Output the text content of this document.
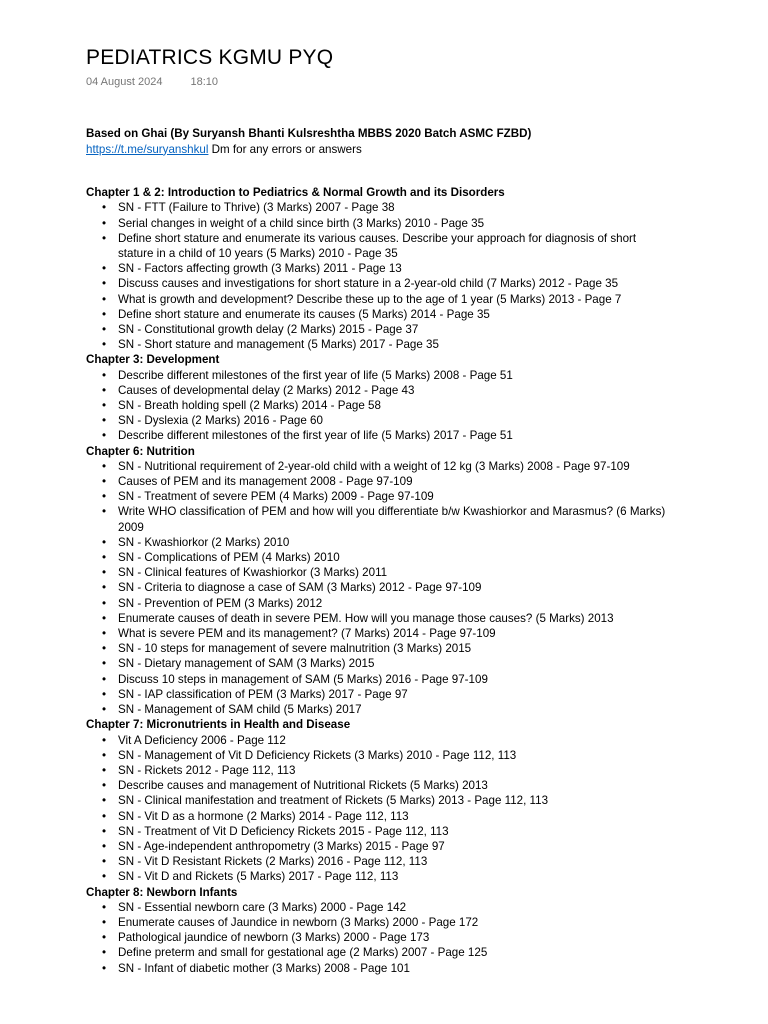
PEDIATRICS KGMU PYQ
04 August 2024	18:10
Based on Ghai (By Suryansh Bhanti Kulsreshtha MBBS 2020 Batch ASMC FZBD)
https://t.me/suryanshkul Dm for any errors or answers
Chapter 1 & 2: Introduction to Pediatrics & Normal Growth and its Disorders
• SN - FTT (Failure to Thrive) (3 Marks) 2007 - Page 38
• Serial changes in weight of a child since birth (3 Marks) 2010 - Page 35
• Define short stature and enumerate its various causes. Describe your approach for diagnosis of short stature in a child of 10 years (5 Marks) 2010 - Page 35
• SN - Factors affecting growth (3 Marks) 2011 - Page 13
• Discuss causes and investigations for short stature in a 2-year-old child (7 Marks) 2012 - Page 35
• What is growth and development? Describe these up to the age of 1 year (5 Marks) 2013 - Page 7
• Define short stature and enumerate its causes (5 Marks) 2014 - Page 35
• SN - Constitutional growth delay (2 Marks) 2015 - Page 37
• SN - Short stature and management (5 Marks) 2017 - Page 35
Chapter 3: Development
• Describe different milestones of the first year of life (5 Marks) 2008 - Page 51
• Causes of developmental delay (2 Marks) 2012 - Page 43
• SN - Breath holding spell (2 Marks) 2014 - Page 58
• SN - Dyslexia (2 Marks) 2016 - Page 60
• Describe different milestones of the first year of life (5 Marks) 2017 - Page 51
Chapter 6: Nutrition
• SN - Nutritional requirement of 2-year-old child with a weight of 12 kg (3 Marks) 2008 - Page 97-109
• Causes of PEM and its management 2008 - Page 97-109
• SN - Treatment of severe PEM (4 Marks) 2009 - Page 97-109
• Write WHO classification of PEM and how will you differentiate b/w Kwashiorkor and Marasmus? (6 Marks) 2009
• SN - Kwashiorkor (2 Marks) 2010
• SN - Complications of PEM (4 Marks) 2010
• SN - Clinical features of Kwashiorkor (3 Marks) 2011
• SN - Criteria to diagnose a case of SAM (3 Marks) 2012 - Page 97-109
• SN - Prevention of PEM (3 Marks) 2012
• Enumerate causes of death in severe PEM. How will you manage those causes? (5 Marks) 2013
• What is severe PEM and its management? (7 Marks) 2014 - Page 97-109
• SN - 10 steps for management of severe malnutrition (3 Marks) 2015
• SN - Dietary management of SAM (3 Marks) 2015
• Discuss 10 steps in management of SAM (5 Marks) 2016 - Page 97-109
• SN - IAP classification of PEM (3 Marks) 2017 - Page 97
• SN - Management of SAM child (5 Marks) 2017
Chapter 7: Micronutrients in Health and Disease
• Vit A Deficiency 2006 - Page 112
• SN - Management of Vit D Deficiency Rickets (3 Marks) 2010 - Page 112, 113
• SN - Rickets 2012 - Page 112, 113
• Describe causes and management of Nutritional Rickets (5 Marks) 2013
• SN - Clinical manifestation and treatment of Rickets (5 Marks) 2013 - Page 112, 113
• SN - Vit D as a hormone (2 Marks) 2014 - Page 112, 113
• SN - Treatment of Vit D Deficiency Rickets 2015 - Page 112, 113
• SN - Age-independent anthropometry (3 Marks) 2015 - Page 97
• SN - Vit D Resistant Rickets (2 Marks) 2016 - Page 112, 113
• SN - Vit D and Rickets (5 Marks) 2017 - Page 112, 113
Chapter 8: Newborn Infants
• SN - Essential newborn care (3 Marks) 2000 - Page 142
• Enumerate causes of Jaundice in newborn (3 Marks) 2000 - Page 172
• Pathological jaundice of newborn (3 Marks) 2000 - Page 173
• Define preterm and small for gestational age (2 Marks) 2007 - Page 125
• SN - Infant of diabetic mother (3 Marks) 2008 - Page 101
